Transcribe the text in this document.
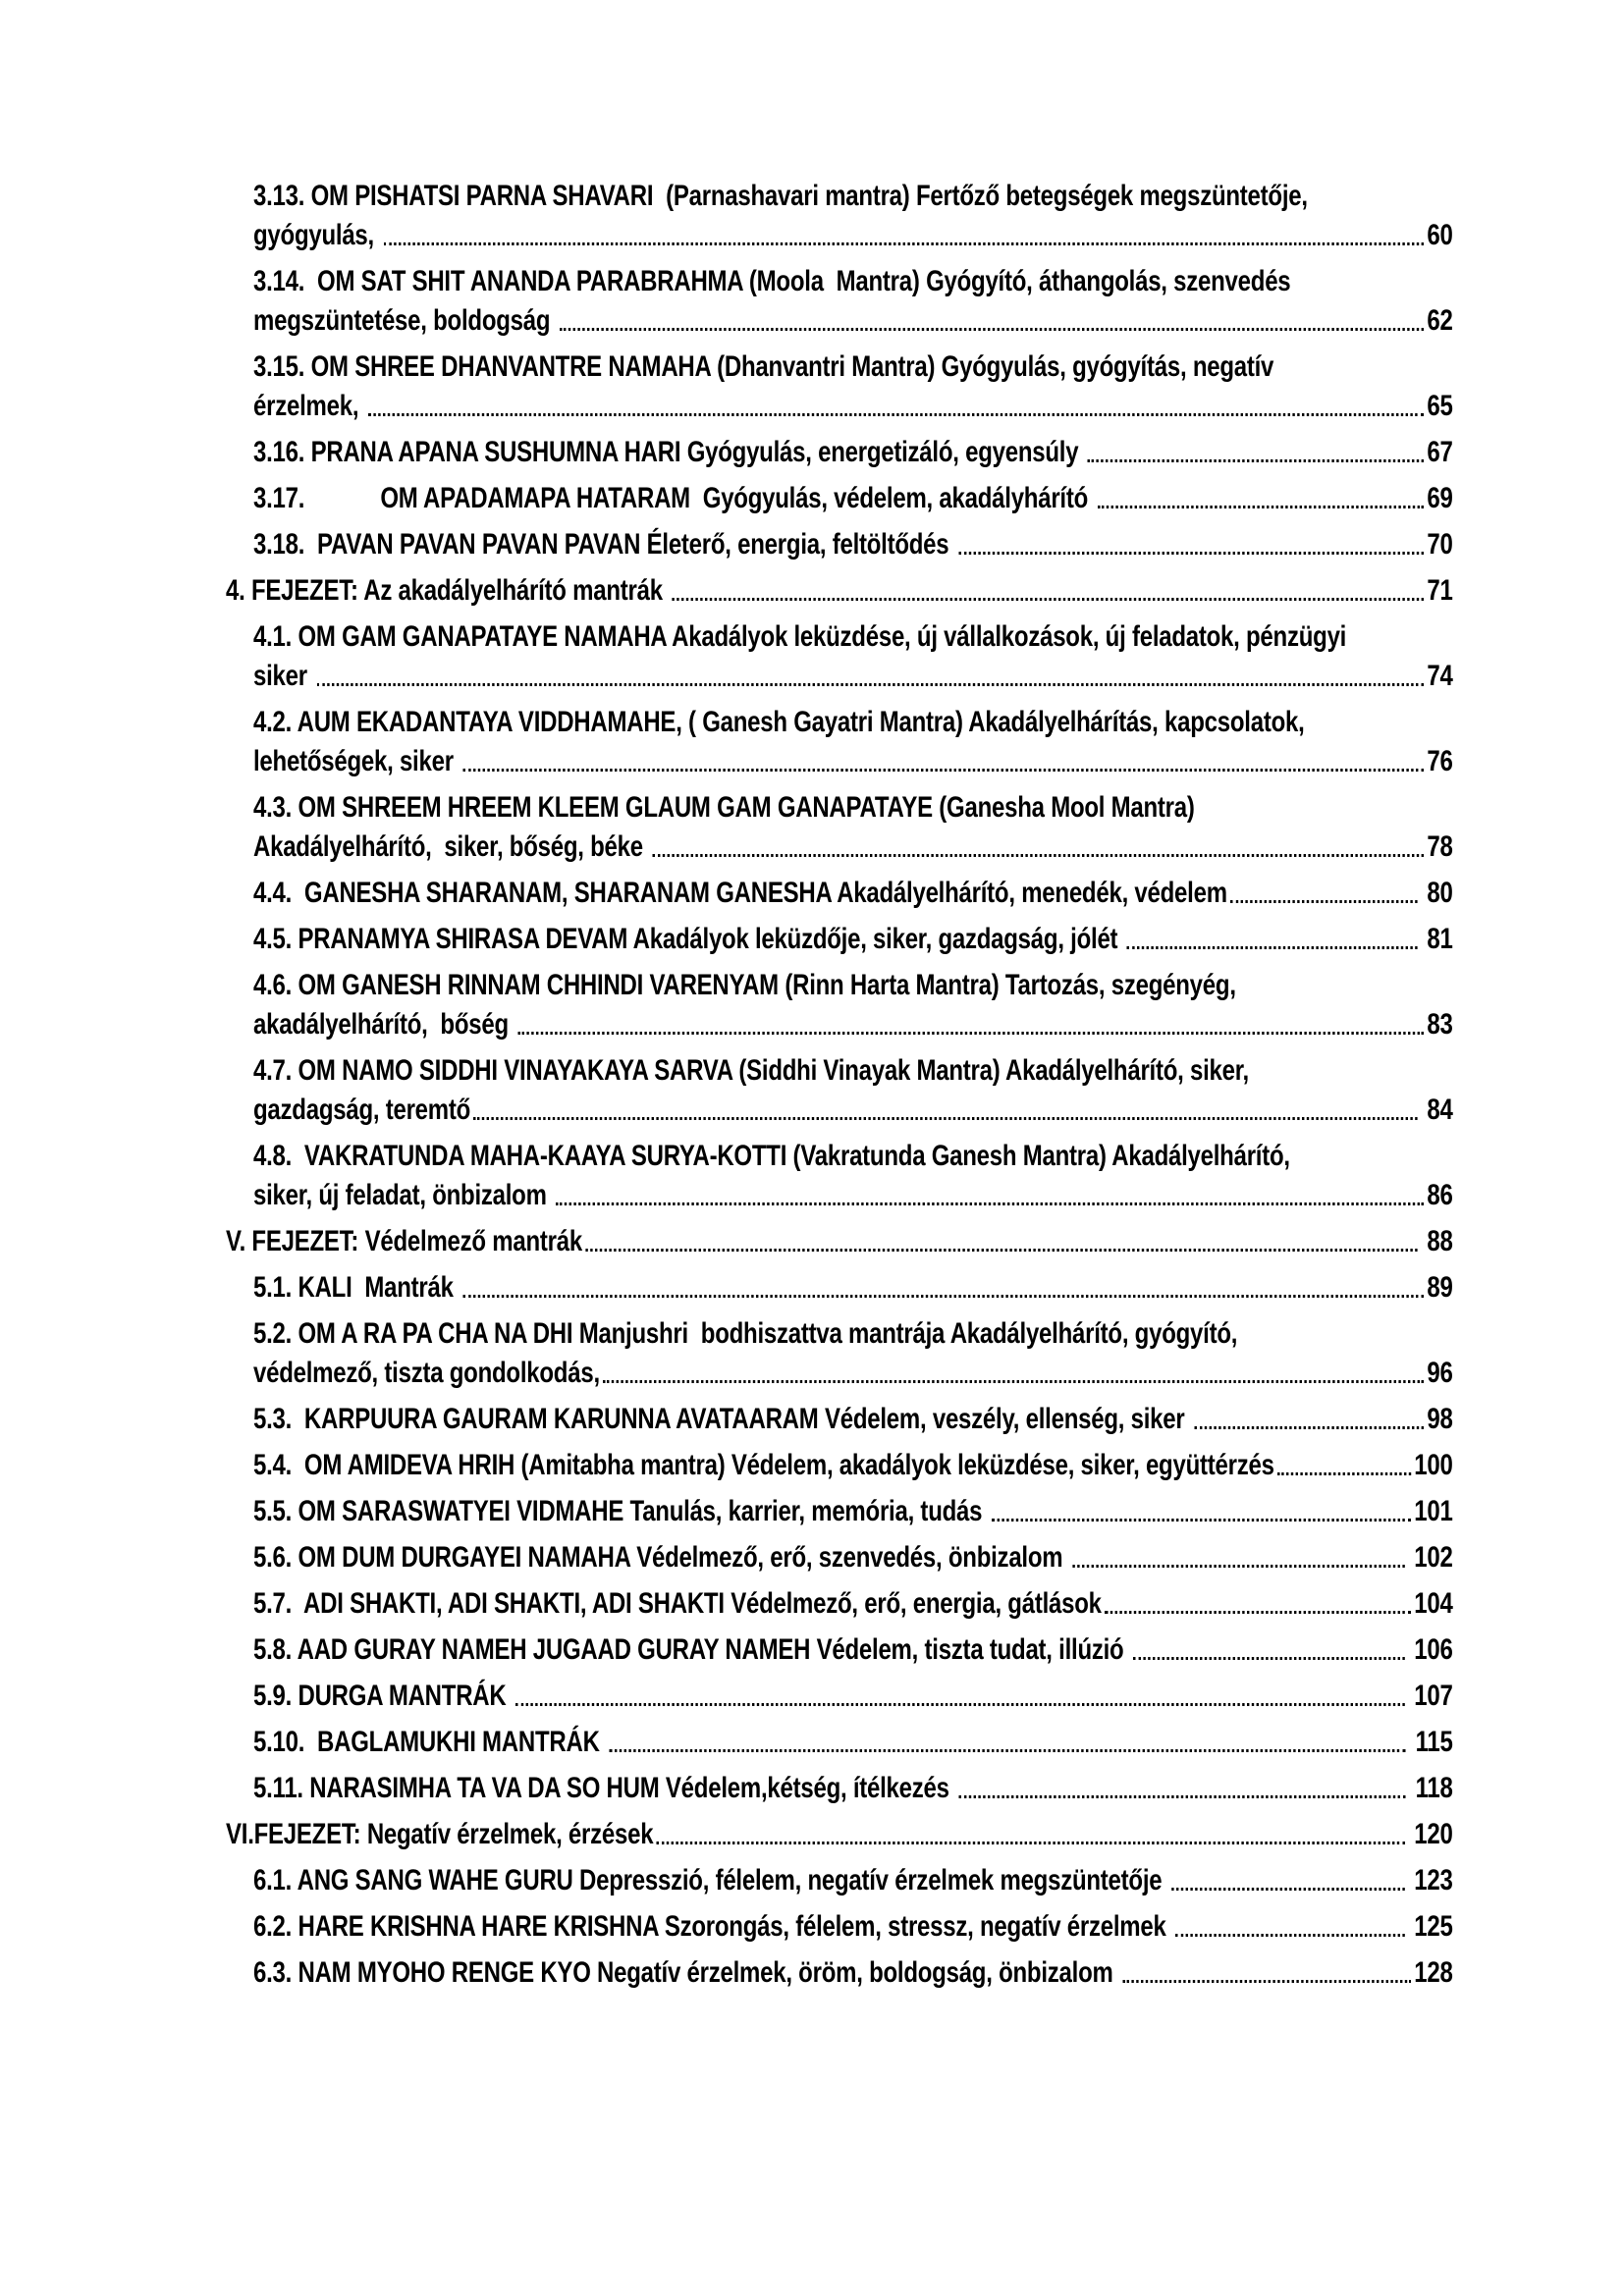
3.13. OM PISHATSI PARNA SHAVARI  (Parnashavari mantra) Fertőző betegségek megszüntetője,
gyógyulás,	60
3.14.  OM SAT SHIT ANANDA PARABRAHMA (Moola  Mantra) Gyógyító, áthangolás, szenvedés
megszüntetése, boldogság	62
3.15. OM SHREE DHANVANTRE NAMAHA (Dhanvantri Mantra) Gyógyulás, gyógyítás, negatív
érzelmek,	65
3.16. PRANA APANA SUSHUMNA HARI Gyógyulás, energetizáló, egyensúly	67
3.17.            OM APADAMAPA HATARAM  Gyógyulás, védelem, akadályhárító	69
3.18.  PAVAN PAVAN PAVAN PAVAN Életerő, energia, feltöltődés	70
4. FEJEZET: Az akadályelhárító mantrák	71
4.1. OM GAM GANAPATAYE NAMAHA Akadályok leküzdése, új vállalkozások, új feladatok, pénzügyi
siker	74
4.2. AUM EKADANTAYA VIDDHAMAHE, ( Ganesh Gayatri Mantra) Akadályelhárítás, kapcsolatok,
lehetőségek, siker	76
4.3. OM SHREEM HREEM KLEEM GLAUM GAM GANAPATAYE (Ganesha Mool Mantra)
Akadályelhárító,  siker, bőség, béke	78
4.4.  GANESHA SHARANAM, SHARANAM GANESHA Akadályelhárító, menedék, védelem	80
4.5. PRANAMYA SHIRASA DEVAM Akadályok leküzdője, siker, gazdagság, jólét	81
4.6. OM GANESH RINNAM CHHINDI VARENYAM (Rinn Harta Mantra) Tartozás, szegényég,
akadályelhárító,  bőség	83
4.7. OM NAMO SIDDHI VINAYAKAYA SARVA (Siddhi Vinayak Mantra) Akadályelhárító, siker,
gazdagság, teremtő	84
4.8.  VAKRATUNDA MAHA-KAAYA SURYA-KOTTI (Vakratunda Ganesh Mantra) Akadályelhárító,
siker, új feladat, önbizalom	86
V. FEJEZET: Védelmező mantrák	88
5.1. KALI  Mantrák	89
5.2. OM A RA PA CHA NA DHI Manjushri  bodhiszattva mantrája Akadályelhárító, gyógyító,
védelmező, tiszta gondolkodás,	96
5.3.  KARPUURA GAURAM KARUNNA AVATAARAM Védelem, veszély, ellenség, siker	98
5.4.  OM AMIDEVA HRIH (Amitabha mantra) Védelem, akadályok leküzdése, siker, együttérzés	100
5.5. OM SARASWATYEI VIDMAHE Tanulás, karrier, memória, tudás	101
5.6. OM DUM DURGAYEI NAMAHA Védelmező, erő, szenvedés, önbizalom	102
5.7.  ADI SHAKTI, ADI SHAKTI, ADI SHAKTI Védelmező, erő, energia, gátlások	104
5.8. AAD GURAY NAMEH JUGAAD GURAY NAMEH Védelem, tiszta tudat, illúzió	106
5.9. DURGA MANTRÁK	107
5.10.  BAGLAMUKHI MANTRÁK	115
5.11. NARASIMHA TA VA DA SO HUM Védelem,kétség, ítélkezés	118
VI.FEJEZET: Negatív érzelmek, érzések	120
6.1. ANG SANG WAHE GURU Depresszió, félelem, negatív érzelmek megszüntetője	123
6.2. HARE KRISHNA HARE KRISHNA Szorongás, félelem, stressz, negatív érzelmek	125
6.3. NAM MYOHO RENGE KYO Negatív érzelmek, öröm, boldogság, önbizalom	128
